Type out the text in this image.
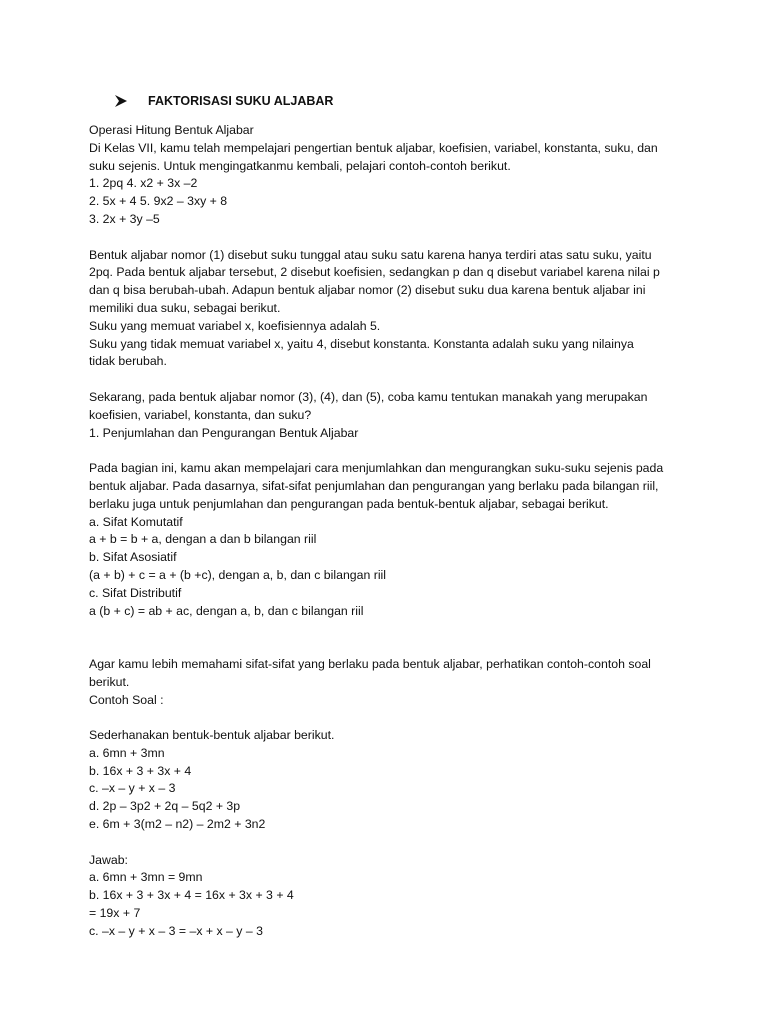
FAKTORISASI SUKU ALJABAR
Operasi Hitung Bentuk Aljabar
Di Kelas VII, kamu telah mempelajari pengertian bentuk aljabar, koefisien, variabel, konstanta, suku, dan
suku sejenis. Untuk mengingatkanmu kembali, pelajari contoh-contoh berikut.
1. 2pq 4. x2 + 3x –2
2. 5x + 4 5. 9x2 – 3xy + 8
3. 2x + 3y –5
Bentuk aljabar nomor (1) disebut suku tunggal atau suku satu karena hanya terdiri atas satu suku, yaitu
2pq. Pada bentuk aljabar tersebut, 2 disebut koefisien, sedangkan p dan q disebut variabel karena nilai p
dan q bisa berubah-ubah. Adapun bentuk aljabar nomor (2) disebut suku dua karena bentuk aljabar ini
memiliki dua suku, sebagai berikut.
Suku yang memuat variabel x, koefisiennya adalah 5.
Suku yang tidak memuat variabel x, yaitu 4, disebut konstanta. Konstanta adalah suku yang nilainya
tidak berubah.
Sekarang, pada bentuk aljabar nomor (3), (4), dan (5), coba kamu tentukan manakah yang merupakan
koefisien, variabel, konstanta, dan suku?
1. Penjumlahan dan Pengurangan Bentuk Aljabar
Pada bagian ini, kamu akan mempelajari cara menjumlahkan dan mengurangkan suku-suku sejenis pada
bentuk aljabar. Pada dasarnya, sifat-sifat penjumlahan dan pengurangan yang berlaku pada bilangan riil,
berlaku juga untuk penjumlahan dan pengurangan pada bentuk-bentuk aljabar, sebagai berikut.
a. Sifat Komutatif
a + b = b + a, dengan a dan b bilangan riil
b. Sifat Asosiatif
(a + b) + c = a + (b +c), dengan a, b, dan c bilangan riil
c. Sifat Distributif
a (b + c) = ab + ac, dengan a, b, dan c bilangan riil
Agar kamu lebih memahami sifat-sifat yang berlaku pada bentuk aljabar, perhatikan contoh-contoh soal
berikut.
Contoh Soal :
Sederhanakan bentuk-bentuk aljabar berikut.
a. 6mn + 3mn
b. 16x + 3 + 3x + 4
c. –x – y + x – 3
d. 2p – 3p2 + 2q – 5q2 + 3p
e. 6m + 3(m2 – n2) – 2m2 + 3n2
Jawab:
a. 6mn + 3mn = 9mn
b. 16x + 3 + 3x + 4 = 16x + 3x + 3 + 4
= 19x + 7
c. –x – y + x – 3 = –x + x – y – 3
